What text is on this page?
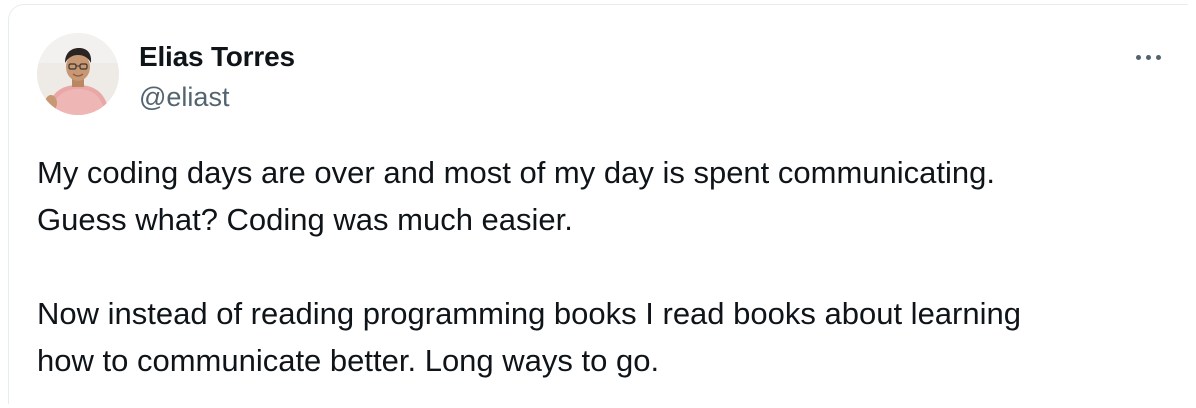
Elias Torres
@eliast

My coding days are over and most of my day is spent communicating.

Guess what? Coding was much easier.

Now instead of reading programming books I read books about learning

how to communicate better. Long ways to go.
